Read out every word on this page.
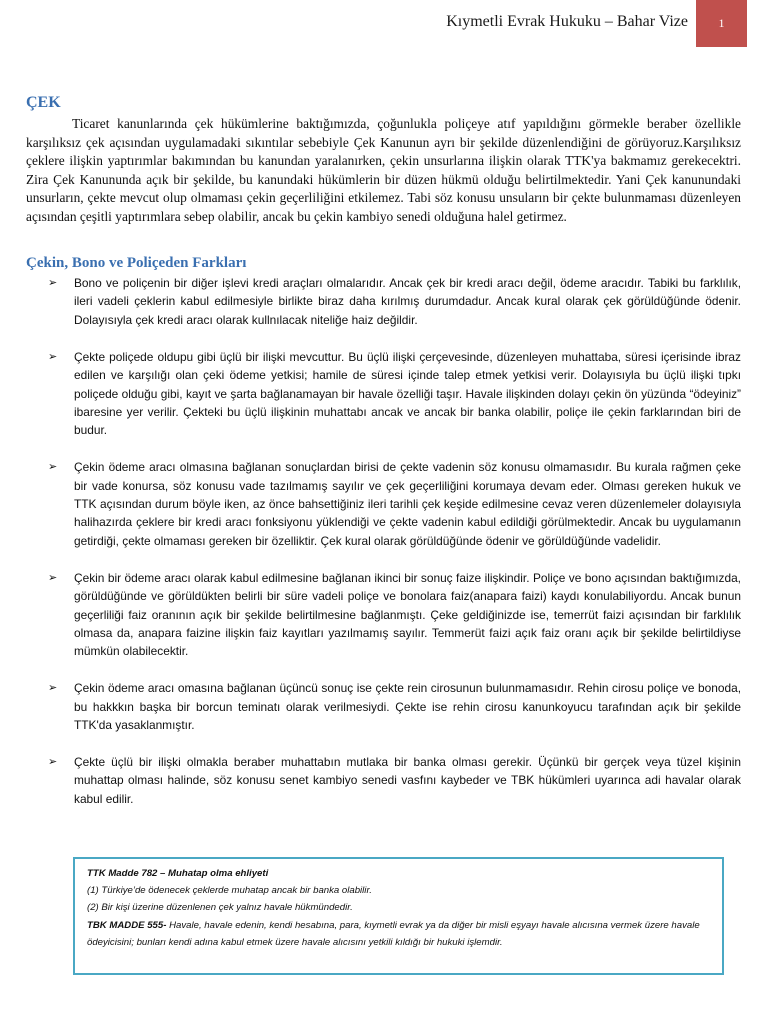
Kıymetli Evrak Hukuku – Bahar Vize	1
ÇEK

Ticaret kanunlarında çek hükümlerine baktığımızda, çoğunlukla poliçeye atıf yapıldığını görmekle beraber özellikle karşılıksız çek açısından uygulamadaki sıkıntılar sebebiyle Çek Kanunun ayrı bir şekilde düzenlendiğini de görüyoruz.Karşılıksız çeklere ilişkin yaptırımlar bakımından bu kanundan yaralanırken, çekin unsurlarına ilişkin olarak TTK'ya bakmamız gerekecektri. Zira Çek Kanununda açık bir şekilde, bu kanundaki hükümlerin bir düzen hükmü olduğu belirtilmektedir. Yani Çek kanunundaki unsurların, çekte mevcut olup olmaması çekin geçerliliğini etkilemez. Tabi söz konusu unsuların bir çekte bulunmaması düzenleyen açısından çeşitli yaptırımlara sebep olabilir, ancak bu çekin kambiyo senedi olduğuna halel getirmez.

Çekin, Bono ve Poliçeden Farkları
➢ Bono ve poliçenin bir diğer işlevi kredi araçları olmalarıdır. Ancak çek bir kredi aracı değil, ödeme aracıdır. Tabiki bu farklılık, ileri vadeli çeklerin kabul edilmesiyle birlikte biraz daha kırılmış durumdadur. Ancak kural olarak çek görüldüğünde ödenir. Dolayısıyla çek kredi aracı olarak kullnılacak niteliğe haiz değildir.
➢ Çekte poliçede oldupu gibi üçlü bir ilişki mevcuttur. Bu üçlü ilişki çerçevesinde, düzenleyen muhattaba, süresi içerisinde ibraz edilen ve karşılığı olan çeki ödeme yetkisi; hamile de süresi içinde talep etmek yetkisi verir. Dolayısıyla bu üçlü ilişki tıpkı poliçede olduğu gibi, kayıt ve şarta bağlanamayan bir havale özelliği taşır. Havale ilişkinden dolayı çekin ön yüzünda “ödeyiniz” ibaresine yer verilir. Çekteki bu üçlü ilişkinin muhattabı ancak ve ancak bir banka olabilir, poliçe ile çekin farklarından biri de budur.
➢ Çekin ödeme aracı olmasına bağlanan sonuçlardan birisi de çekte vadenin söz konusu olmamasıdır. Bu kurala rağmen çeke bir vade konursa, söz konusu vade tazılmamış sayılır ve çek geçerliliğini korumaya devam eder. Olması gereken hukuk ve TTK açısından durum böyle iken, az önce bahsettiğiniz ileri tarihli çek keşide edilmesine cevaz veren düzenlemeler dolayısıyla halihazırda çeklere bir kredi aracı fonksiyonu yüklendiği ve çekte vadenin kabul edildiği görülmektedir. Ancak bu uygulamanın getirdiği, çekte olmaması gereken bir özelliktir. Çek kural olarak görüldüğünde ödenir ve görüldüğünde vadelidir.
➢ Çekin bir ödeme aracı olarak kabul edilmesine bağlanan ikinci bir sonuç faize ilişkindir. Poliçe ve bono açısından baktığımızda, görüldüğünde ve görüldükten belirli bir süre vadeli poliçe ve bonolara faiz(anapara faizi) kaydı konulabiliyordu. Ancak bunun geçerliliği faiz oranının açık bir şekilde belirtilmesine bağlanmıştı. Çeke geldiğinizde ise, temerrüt faizi açısından bir farklılık olmasa da, anapara faizine ilişkin faiz kayıtları yazılmamış sayılır. Temmerüt faizi açık faiz oranı açık bir şekilde belirtildiyse mümkün olabilecektir.
➢ Çekin ödeme aracı omasına bağlanan üçüncü sonuç ise çekte rein cirosunun bulunmamasıdır. Rehin cirosu poliçe ve bonoda, bu hakkkın başka bir borcun teminatı olarak verilmesiydi. Çekte ise rehin cirosu kanunkoyucu tarafından açık bir şekilde TTK'da yasaklanmıştır.
➢ Çekte üçlü bir ilişki olmakla beraber muhattabın mutlaka bir banka olması gerekir. Üçünkü bir gerçek veya tüzel kişinin muhattap olması halinde, söz konusu senet kambiyo senedi vasfını kaybeder ve TBK hükümleri uyarınca adi havalar olarak kabul edilir.

TTK Madde 782 – Muhatap olma ehliyeti

(1) Türkiye’de ödenecek çeklerde muhatap ancak bir banka olabilir.

(2) Bir kişi üzerine düzenlenen çek yalnız havale hükmündedir.

TBK MADDE 555- Havale, havale edenin, kendi hesabına, para, kıymetli evrak ya da diğer bir misli eşyayı havale alıcısına vermek üzere havale ödeyicisini; bunları kendi adına kabul etmek üzere havale alıcısını yetkili kıldığı bir hukuki işlemdir.
